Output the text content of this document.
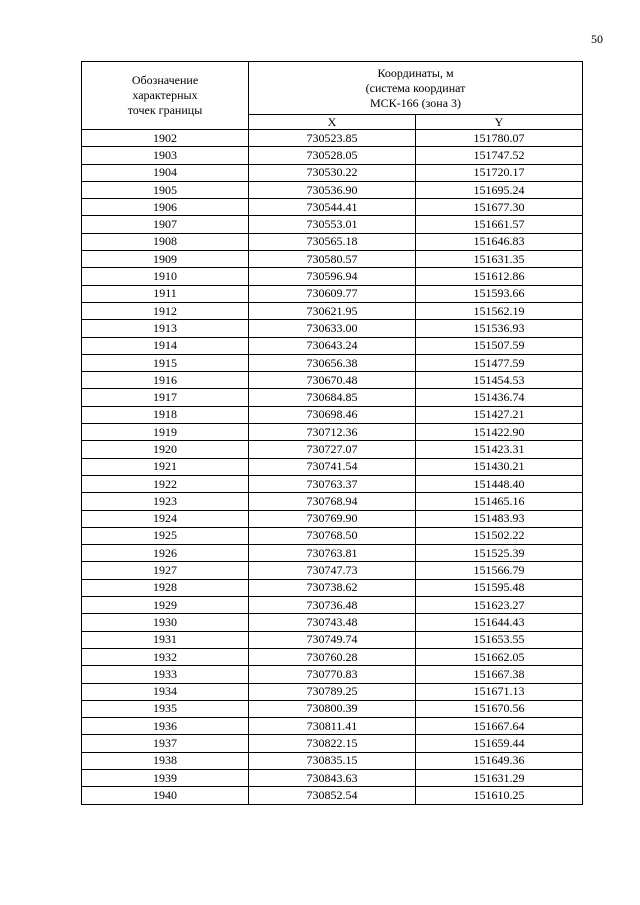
50
Обозначение
характерных
точек границы	Координаты, м
(система координат
МСК-166 (зона 3)	

	X	Y
1902	730523.85	151780.07
1903	730528.05	151747.52
1904	730530.22	151720.17
1905	730536.90	151695.24
1906	730544.41	151677.30
1907	730553.01	151661.57
1908	730565.18	151646.83
1909	730580.57	151631.35
1910	730596.94	151612.86
1911	730609.77	151593.66
1912	730621.95	151562.19
1913	730633.00	151536.93
1914	730643.24	151507.59
1915	730656.38	151477.59
1916	730670.48	151454.53
1917	730684.85	151436.74
1918	730698.46	151427.21
1919	730712.36	151422.90
1920	730727.07	151423.31
1921	730741.54	151430.21
1922	730763.37	151448.40
1923	730768.94	151465.16
1924	730769.90	151483.93
1925	730768.50	151502.22
1926	730763.81	151525.39
1927	730747.73	151566.79
1928	730738.62	151595.48
1929	730736.48	151623.27
1930	730743.48	151644.43
1931	730749.74	151653.55
1932	730760.28	151662.05
1933	730770.83	151667.38
1934	730789.25	151671.13
1935	730800.39	151670.56
1936	730811.41	151667.64
1937	730822.15	151659.44
1938	730835.15	151649.36
1939	730843.63	151631.29
1940	730852.54	151610.25
